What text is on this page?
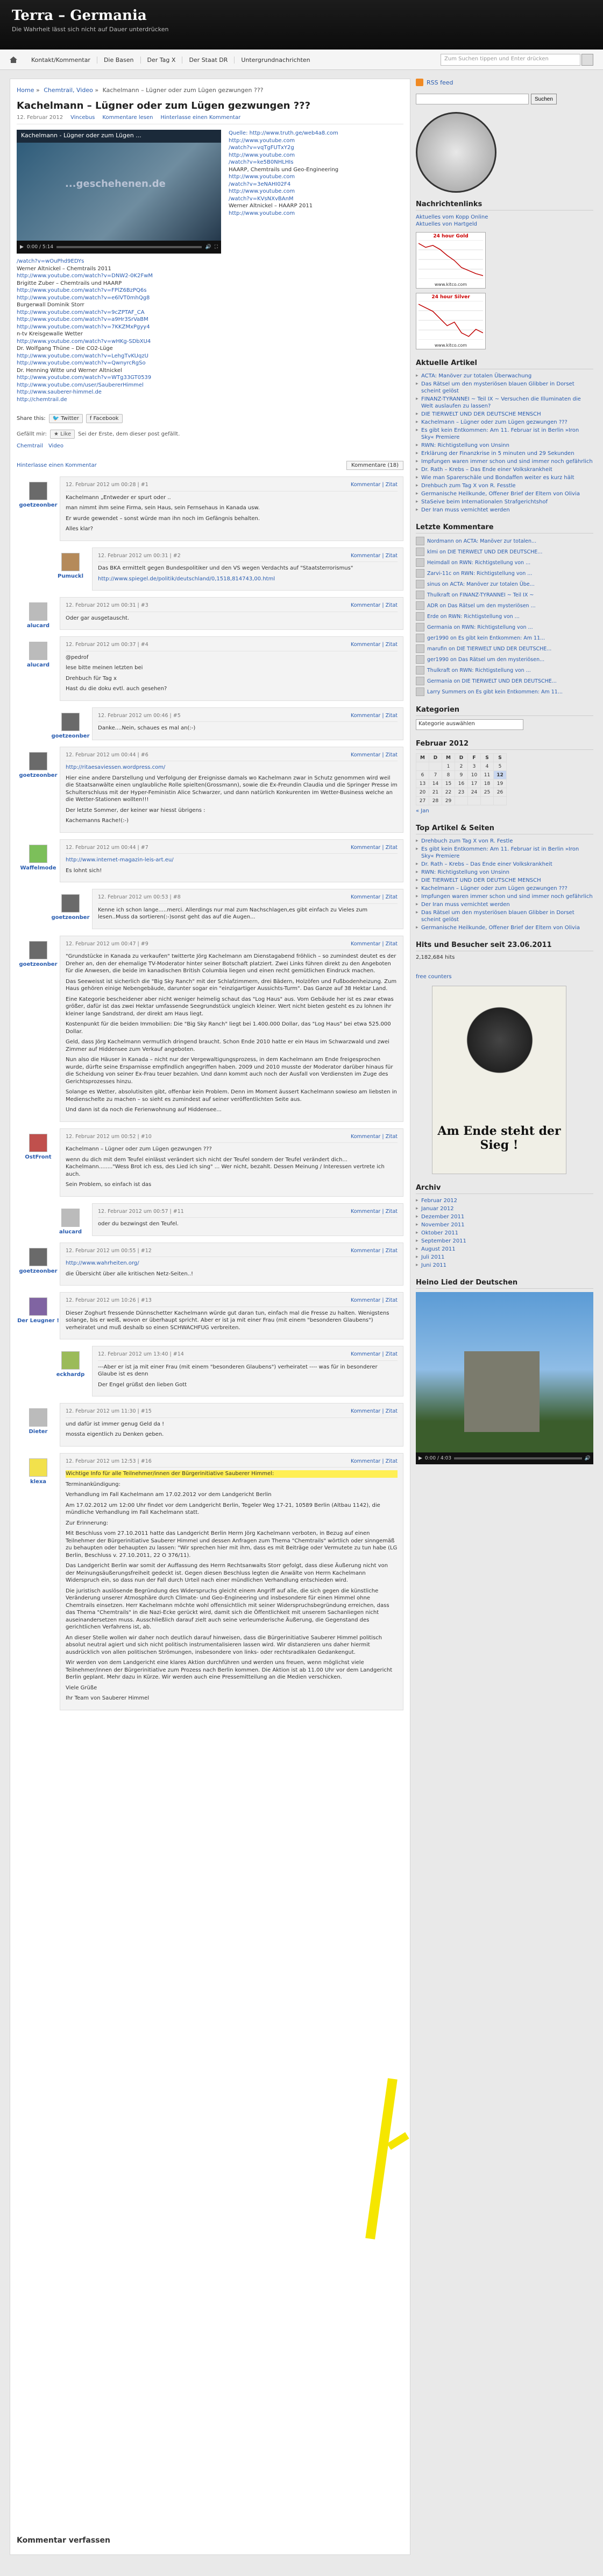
Terra – Germania
Die Wahrheit lässt sich nicht auf Dauer unterdrücken
Kontakt/Kommentar	Die Basen	Der Tag X	Der Staat DR	Untergrundnachrichten	Zum Suchen tippen und Enter drücken
Home » Chemtrail, Video » Kachelmann – Lügner oder zum Lügen gezwungen ???
Kachelmann – Lügner oder zum Lügen gezwungen ???
12. Februar 2012 Vincebus Kommentare lesen Hinterlasse einen Kommentar
Kachelmann - Lügner oder zum Lügen ...
...geschehenen.de
▶ 0:00 / 5:14	🔊 ⛶
Quelle: http://www.truth.ge/web4a8.com
http://www.youtube.com
/watch?v=vqTgFUTxY2g
http://www.youtube.com
/watch?v=ke5B0NHLHIs
HAARP, Chemtrails und Geo-Engineering
http://www.youtube.com
/watch?v=3eNAHI02F4
http://www.youtube.com
/watch?v=KVsNXvBAnM
Werner Altnickel – HAARP 2011
http://www.youtube.com
/watch?v=wOuPhd9EDYs
Werner Altnickel – Chemtrails 2011
http://www.youtube.com/watch?v=DNW2-0K2FwM
Brigitte Zuber – Chemtrails und HAARP
http://www.youtube.com/watch?v=FPlZ6BzPQ6s
http://www.youtube.com/watch?v=e6lVT0mhQg8
Burgerwall Dominik Storr
http://www.youtube.com/watch?v=9cZPTAF_CA
http://www.youtube.com/watch?v=a9Hr3SrVaBM
http://www.youtube.com/watch?v=7KKZMxPgyy4
n-tv Kreisgewalle Wetter
http://www.youtube.com/watch?v=wHKg-SDbXU4
Dr. Wolfgang Thüne – Die CO2-Lüge
http://www.youtube.com/watch?v=LehgTvKUqzU
http://www.youtube.com/watch?v=QwnyrcRgSo
Dr. Henning Witte und Werner Altnickel
http://www.youtube.com/watch?v=WTg33GT0539
http://www.youtube.com/user/SaubererHimmel
http://www.sauberer-himmel.de
http://chemtrail.de
Share this:	🐦 Twitter	f Facebook
Gefällt mir:	★ Like	Sei der Erste, dem dieser post gefällt.
Chemtrail Video
Hinterlasse einen Kommentar	Kommentare (18)
goetzeonber
12. Februar 2012 um 00:28 | #1	Kommentar | Zitat

Kachelmann „Entweder er spurt oder ..

man nimmt ihm seine Firma, sein Haus, sein Fernsehaus in Kanada usw.

Er wurde gewendet – sonst würde man ihn noch im Gefängnis behalten.

Alles klar?

Pumuckl
12. Februar 2012 um 00:31 | #2	Kommentar | Zitat

Das BKA ermittelt gegen Bundespolitiker und den VS wegen Verdachts auf "Staatsterrorismus"

http://www.spiegel.de/politik/deutschland/0,1518,814743,00.html

alucard
12. Februar 2012 um 00:31 | #3	Kommentar | Zitat

Oder gar ausgetauscht.

alucard
12. Februar 2012 um 00:37 | #4	Kommentar | Zitat

@pedrof

lese bitte meinen letzten bei

Drehbuch für Tag x

Hast du die doku evtl. auch gesehen?

goetzeonber
12. Februar 2012 um 00:46 | #5	Kommentar | Zitat

Danke....Nein, schaues es mal an(:-)

goetzeonber
12. Februar 2012 um 00:44 | #6	Kommentar | Zitat

http://ritaesaviessen.wordpress.com/

Hier eine andere Darstellung und Verfolgung der Ereignisse damals wo Kachelmann zwar in Schutz genommen wird weil die Staatsanwälte einen unglaubliche Rolle spielten(Grossmann), sowie die Ex-Freundin Claudia und die Springer Presse im Schulterschluss mit der Hyper-Feministin Alice Schwarzer, und dann natürlich Konkurenten im Wetter-Business welche an die Wetter-Stationen wollten!!!

Der letzte Sommer, der keiner war hiesst übrigens :

Kachemanns Rache!(:-)

Waffelmode
12. Februar 2012 um 00:44 | #7	Kommentar | Zitat

http://www.internet-magazin-leis-art.eu/

Es lohnt sich!

goetzeonber
12. Februar 2012 um 00:53 | #8	Kommentar | Zitat

Kenne ich schon lange.....merci. Allerdings nur mal zum Nachschlagen,es gibt einfach zu Vieles zum lesen..Muss da sortieren(:-)sonst geht das auf die Augen...

goetzeonber
12. Februar 2012 um 00:47 | #9	Kommentar | Zitat

"Grundstücke in Kanada zu verkaufen" twitterte Jörg Kachelmann am Dienstagabend fröhlich – so zumindest deutet es der Dreher an, den der ehemalige TV-Moderator hinter seiner Botschaft platziert. Zwei Links führen direkt zu den Angeboten für die Anwesen, die beide im kanadischen British Columbia liegen und einen recht gemütlichen Eindruck machen.

Das Seeweisst ist sicherlich die "Big Sky Ranch" mit der Schlafzimmern, drei Bädern, Holzöfen und Fußbodenheizung. Zum Haus gehören einige Nebengebäude, darunter sogar ein "einzigartiger Aussichts-Turm". Das Ganze auf 38 Hektar Land.

Eine Kategorie bescheidener aber nicht weniger heimelig schaut das "Log Haus" aus. Vom Gebäude her ist es zwar etwas größer, dafür ist das zwei Hektar umfassende Seegrundstück ungleich kleiner. Wert nicht bieten gesteht es zu lohnen ihr kleiner lange Sandstrand, der direkt am Haus liegt.

Kostenpunkt für die beiden Immobilien: Die "Big Sky Ranch" liegt bei 1.400.000 Dollar, das "Log Haus" bei etwa 525.000 Dollar.

Geld, dass Jörg Kachelmann vermutlich dringend braucht. Schon Ende 2010 hatte er ein Haus im Schwarzwald und zwei Zimmer auf Hiddensee zum Verkauf angeboten.

Nun also die Häuser in Kanada – nicht nur der Vergewaltigungsprozess, in dem Kachelmann am Ende freigesprochen wurde, dürfte seine Ersparnisse empfindlich angegriffen haben. 2009 und 2010 musste der Moderator darüber hinaus für die Scheidung von seiner Ex-Frau teuer bezahlen. Und dann kommt auch noch der Ausfall von Verdiensten im Zuge des Gerichtsprozesses hinzu.

Solange es Wetter, absolutisiten gibt, offenbar kein Problem. Denn im Moment äussert Kachelmann sowieso am liebsten in Medienschelte zu machen – so sieht es zumindest auf seiner veröffentlichten Seite aus.

Und dann ist da noch die Ferienwohnung auf Hiddensee...

OstFront
12. Februar 2012 um 00:52 | #10	Kommentar | Zitat

Kachelmann – Lügner oder zum Lügen gezwungen ???

wenn du dich mit dem Teufel einlässt verändert sich nicht der Teufel sondern der Teufel verändert dich... Kachelmann........"Wess Brot ich ess, des Lied ich sing" ... Wer nicht, bezahlt. Dessen Meinung / Interessen vertrete ich auch.

Sein Problem, so einfach ist das

alucard
12. Februar 2012 um 00:57 | #11	Kommentar | Zitat

oder du bezwingst den Teufel.

goetzeonber
12. Februar 2012 um 00:55 | #12	Kommentar | Zitat

http://www.wahrheiten.org/

die Übersicht über alle kritischen Netz-Seiten..!

Der Leugner !
12. Februar 2012 um 10:26 | #13	Kommentar | Zitat

Dieser Zoghurt fressende Dünnschetter Kachelmann würde gut daran tun, einfach mal die Fresse zu halten. Wenigstens solange, bis er weiß, wovon er überhaupt spricht. Aber er ist ja mit einer Frau (mit einem "besonderen Glaubens") verheiratet und muß deshalb so einen SCHWACHFUG verbreiten.

eckhardp
12. Februar 2012 um 13:40 | #14	Kommentar | Zitat

---Aber er ist ja mit einer Frau (mit einem "besonderen Glaubens") verheiratet ---- was für in besonderer Glaube ist es denn

Der Engel grüßst den lieben Gott

Dieter
12. Februar 2012 um 11:30 | #15	Kommentar | Zitat

und dafür ist immer genug Geld da !

mossta eigentlich zu Denken geben.

klexa
12. Februar 2012 um 12:53 | #16	Kommentar | Zitat

Wichtige Info für alle Teilnehmer/innen der Bürgerinitiative Sauberer Himmel:

Terminankündigung:

Verhandlung im Fall Kachelmann am 17.02.2012 vor dem Landgericht Berlin

Am 17.02.2012 um 12:00 Uhr findet vor dem Landgericht Berlin, Tegeler Weg 17-21, 10589 Berlin (Altbau 1142), die mündliche Verhandlung im Fall Kachelmann statt.

Zur Erinnerung:

Mit Beschluss vom 27.10.2011 hatte das Landgericht Berlin Herrn Jörg Kachelmann verboten, in Bezug auf einen Teilnehmer der Bürgerinitiative Sauberer Himmel und dessen Anfragen zum Thema "Chemtrails" wörtlich oder sinngemäß zu behaupten oder behaupten zu lassen: "Wir sprechen hier mit ihm, dass es mit Beiträge oder Vermutete zu tun habe (LG Berlin, Beschluss v. 27.10.2011, 22 O 376/11).

Das Landgericht Berlin war somit der Auffassung des Herrn Rechtsanwalts Storr gefolgt, dass diese Äußerung nicht von der Meinungsäußerungsfreiheit gedeckt ist. Gegen diesen Beschluss legten die Anwälte von Herrn Kachelmann Widerspruch ein, so dass nun der Fall durch Urteil nach einer mündlichen Verhandlung entschieden wird.

Die juristisch auslösende Begründung des Widerspruchs gleicht einem Angriff auf alle, die sich gegen die künstliche Veränderung unserer Atmosphäre durch Climate- und Geo-Engineering und insbesondere für einen Himmel ohne Chemtrails einsetzen. Herr Kachelmann möchte wohl offensichtlich mit seiner Widerspruchsbegründung erreichen, dass das Thema "Chemtrails" in die Nazi-Ecke gerückt wird, damit sich die Öffentlichkeit mit unserem Sachanliegen nicht auseinandersetzen muss. Ausschließlich darauf zielt auch seine verleumderische Äußerung, die Gegenstand des gerichtlichen Verfahrens ist, ab.

An dieser Stelle wollen wir daher noch deutlich darauf hinweisen, dass die Bürgerinitiative Sauberer Himmel politisch absolut neutral agiert und sich nicht politisch instrumentalisieren lassen wird. Wir distanzieren uns daher hiermit ausdrücklich von allen politischen Strömungen, insbesondere von links- oder rechtsradikalen Gedankengut.

Wir werden von dem Landgericht eine klares Aktion durchführen und werden uns freuen, wenn möglichst viele Teilnehmer/innen der Bürgerinitiative zum Prozess nach Berlin kommen. Die Aktion ist ab 11.00 Uhr vor dem Landgericht Berlin geplant. Mehr dazu in Kürze. Wir werden auch eine Pressemitteilung an die Medien verschicken.

Viele Grüße

Ihr Team von Sauberer Himmel

Kommentar verfassen
RSS feed
Suchen
Nachrichtenlinks
Aktuelles vom Kopp Online
Aktuelles von Hartgeld
24 hour Gold
www.kitco.com
24 hour Silver
www.kitco.com
Aktuelle Artikel
▸ ACTA: Manöver zur totalen Überwachung
▸ Das Rätsel um den mysteriösen blauen Glibber in Dorset scheint gelöst
▸ FINANZ-TYRANNEI ~ Teil IX ~ Versuchen die Illuminaten die Welt auslaufen zu lassen?
▸ DIE TIERWELT UND DER DEUTSCHE MENSCH
▸ Kachelmann – Lügner oder zum Lügen gezwungen ???
▸ Es gibt kein Entkommen: Am 11. Februar ist in Berlin »Iron Sky« Premiere
▸ RWN: Richtigstellung von Unsinn
▸ Erklärung der Finanzkrise in 5 minuten und 29 Sekunden
▸ Impfungen waren immer schon und sind immer noch gefährlich
▸ Dr. Rath – Krebs – Das Ende einer Volkskrankheit
▸ Wie man Sparerschäle und Bondaffen weiter es kurz hält
▸ Drehbuch zum Tag X von R. Fesstle
▸ Germanische Heilkunde, Offener Brief der Eltern von Olivia
▸ StaSeive beim Internationalen Strafgerichtshof
▸ Der Iran muss vernichtet werden
Letzte Kommentare
Nordmann on ACTA: Manöver zur totalen...
klmi on DIE TIERWELT UND DER DEUTSCHE...
Heimdall on RWN: Richtigstellung von ...
Zarvi-11c on RWN: Richtigstellung von ...
sinus on ACTA: Manöver zur totalen Übe...
Thulkraft on FINANZ-TYRANNEI ~ Teil IX ~
ADR on Das Rätsel um den mysteriösen ...
Erde on RWN: Richtigstellung von ...
Germania on RWN: Richtigstellung von ...
ger1990 on Es gibt kein Entkommen: Am 11...
marufin on DIE TIERWELT UND DER DEUTSCHE...
ger1990 on Das Rätsel um den mysteriösen...
Thulkraft on RWN: Richtigstellung von ...
Germania on DIE TIERWELT UND DER DEUTSCHE...
Larry Summers on Es gibt kein Entkommen: Am 11...
Kategorien
Kategorie auswählen
Februar 2012
M	D	M	D	F	S	S
		1	2	3	4	5
6	7	8	9	10	11	12
13	14	15	16	17	18	19
20	21	22	23	24	25	26
27	28	29				
« Jan
Top Artikel & Seiten
▸ Drehbuch zum Tag X von R. Festle
▸ Es gibt kein Entkommen: Am 11. Februar ist in Berlin »Iron Sky« Premiere
▸ Dr. Rath – Krebs – Das Ende einer Volkskrankheit
▸ RWN: Richtigstellung von Unsinn
▸ DIE TIERWELT UND DER DEUTSCHE MENSCH
▸ Kachelmann – Lügner oder zum Lügen gezwungen ???
▸ Impfungen waren immer schon und sind immer noch gefährlich
▸ Der Iran muss vernichtet werden
▸ Das Rätsel um den mysteriösen blauen Glibber in Dorset scheint gelöst
▸ Germanische Heilkunde, Offener Brief der Eltern von Olivia
Hits und Besucher seit 23.06.2011
2,182,684 hits
free counters
Am Ende steht der Sieg !
Archiv
▸ Februar 2012
▸ Januar 2012
▸ Dezember 2011
▸ November 2011
▸ Oktober 2011
▸ September 2011
▸ August 2011
▸ Juli 2011
▸ Juni 2011
Heino Lied der Deutschen
▶ 0:00 / 4:03	🔊
